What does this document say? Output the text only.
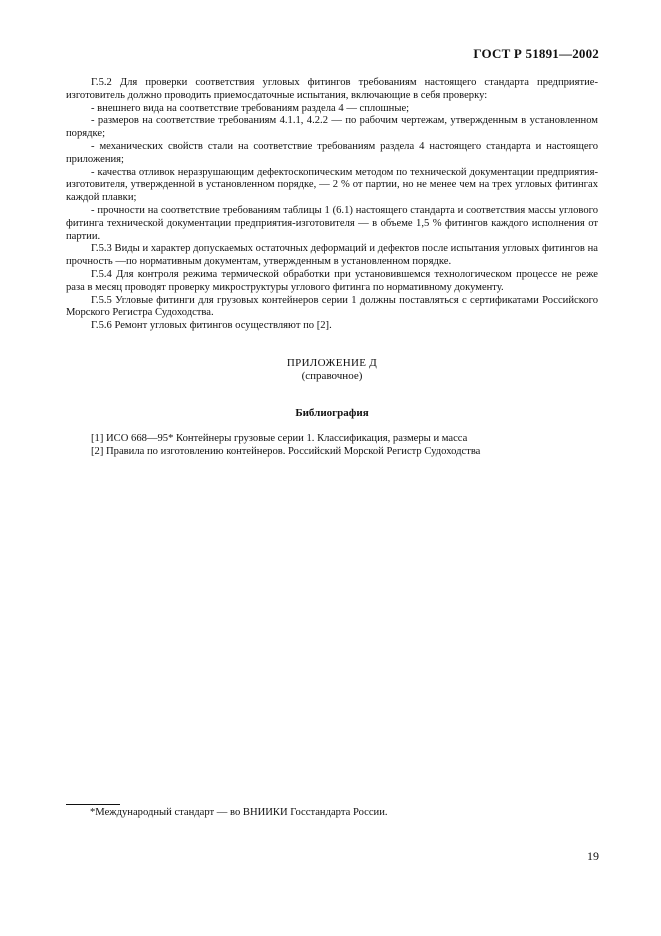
ГОСТ Р 51891—2002

Г.5.2 Для проверки соответствия угловых фитингов требованиям настоящего стандарта предприятие-изготовитель должно проводить приемосдаточные испытания, включающие в себя проверку:

- внешнего вида на соответствие требованиям раздела 4 — сплошные;

- размеров на соответствие требованиям 4.1.1, 4.2.2 — по рабочим чертежам, утвержденным в установленном порядке;

- механических свойств стали на соответствие требованиям раздела 4 настоящего стандарта и настоящего приложения;

- качества отливок неразрушающим дефектоскопическим методом по технической документации предприятия-изготовителя, утвержденной в установленном порядке, — 2 % от партии, но не менее чем на трех угловых фитингах каждой плавки;

- прочности на соответствие требованиям таблицы 1 (6.1) настоящего стандарта и соответствия массы углового фитинга технической документации предприятия-изготовителя — в объеме 1,5 % фитингов каждого исполнения от партии.

Г.5.3 Виды и характер допускаемых остаточных деформаций и дефектов после испытания угловых фитингов на прочность —по нормативным документам, утвержденным в установленном порядке.

Г.5.4 Для контроля режима термической обработки при установившемся технологическом процессе не реже раза в месяц проводят проверку микроструктуры углового фитинга по нормативному документу.

Г.5.5 Угловые фитинги для грузовых контейнеров серии 1 должны поставляться с сертификатами Российского Морского Регистра Судоходства.

Г.5.6 Ремонт угловых фитингов осуществляют по [2].

ПРИЛОЖЕНИЕ Д
(справочное)
Библиография

[1] ИСО 668—95* Контейнеры грузовые серии 1. Классификация, размеры и масса

[2] Правила по изготовлению контейнеров. Российский Морской Регистр Судоходства

*Международный стандарт — во ВНИИКИ Госстандарта России.
19
